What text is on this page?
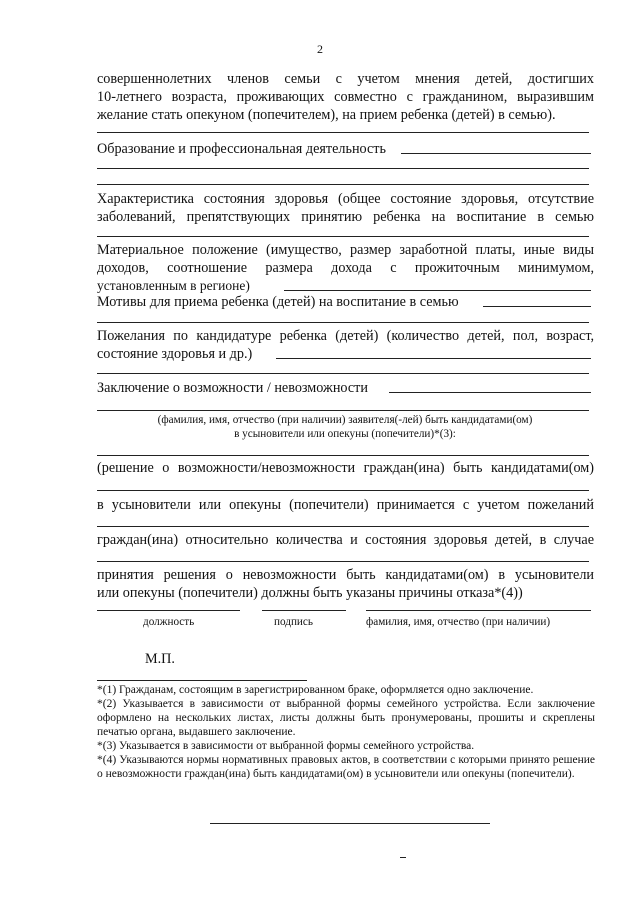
2
совершеннолетних членов семьи с учетом мнения детей, достигших
10-летнего возраста, проживающих совместно с гражданином, выразившим
желание стать опекуном (попечителем), на прием ребенка (детей) в семью).
Образование и профессиональная деятельность
Характеристика состояния здоровья (общее состояние здоровья, отсутствие
заболеваний, препятствующих принятию ребенка на воспитание в семью
Материальное положение (имущество, размер заработной платы, иные виды
доходов, соотношение размера дохода с прожиточным минимумом,
установленным в регионе)
Мотивы для приема ребенка (детей) на воспитание в семью
Пожелания по кандидатуре ребенка (детей) (количество детей, пол, возраст,
состояние здоровья и др.)
Заключение о возможности / невозможности
(фамилия, имя, отчество (при наличии) заявителя(-лей) быть кандидатами(ом)
в усыновители или опекуны (попечители)*(3):
(решение о возможности/невозможности граждан(ина) быть кандидатами(ом)
в усыновители или опекуны (попечители) принимается с учетом пожеланий
граждан(ина) относительно количества и состояния здоровья детей, в случае
принятия решения о невозможности быть кандидатами(ом) в усыновители
или опекуны (попечители) должны быть указаны причины отказа*(4))
должность	подпись	фамилия, имя, отчество (при наличии)
М.П.
*(1) Гражданам, состоящим в зарегистрированном браке, оформляется одно заключение.
*(2) Указывается в зависимости от выбранной формы семейного устройства. Если заключение оформлено на нескольких листах, листы должны быть пронумерованы, прошиты и скреплены печатью органа, выдавшего заключение.
*(3) Указывается в зависимости от выбранной формы семейного устройства.
*(4) Указываются нормы нормативных правовых актов, в соответствии с которыми принято решение о невозможности граждан(ина) быть кандидатами(ом) в усыновители или опекуны (попечители).
